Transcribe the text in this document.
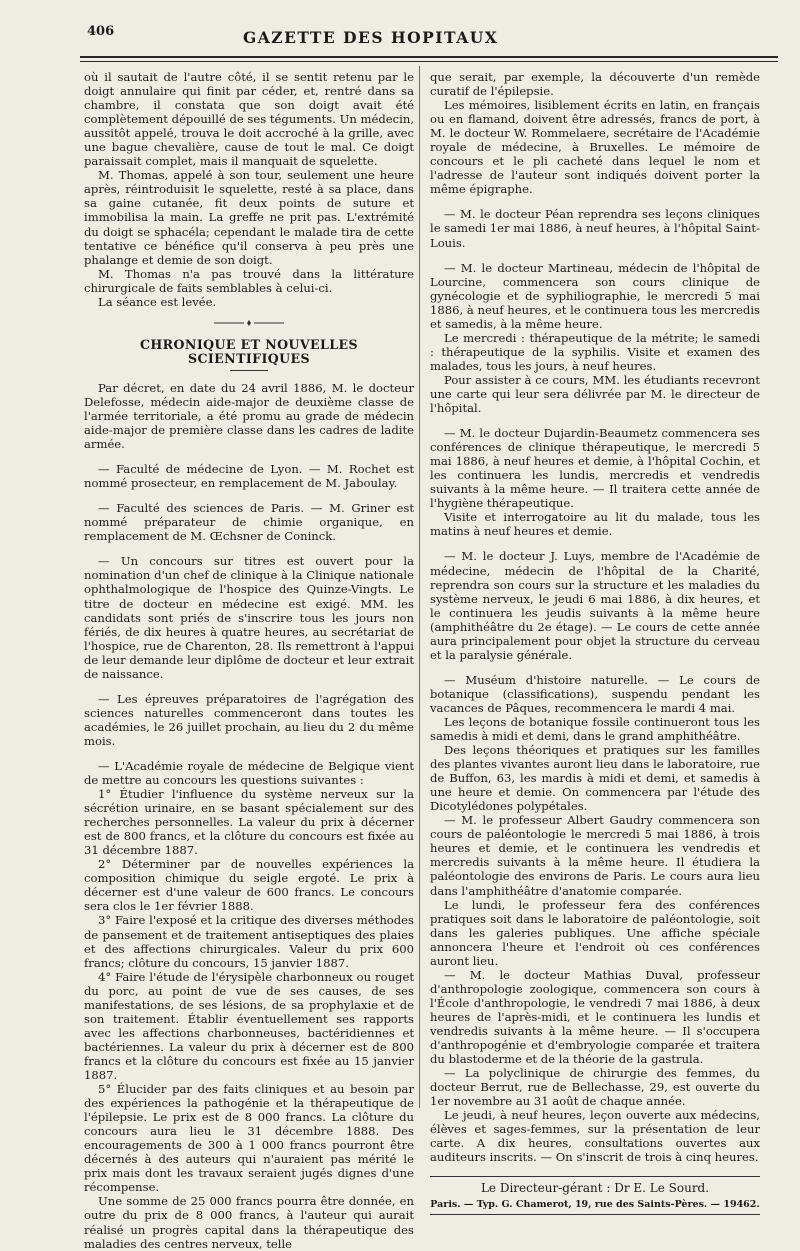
406	GAZETTE DES HOPITAUX

où il sautait de l'autre côté, il se sentit retenu par le doigt annulaire qui finit par céder, et, rentré dans sa chambre, il constata que son doigt avait été complètement dépouillé de ses téguments. Un médecin, aussitôt appelé, trouva le doit accroché à la grille, avec une bague chevalière, cause de tout le mal. Ce doigt paraissait complet, mais il manquait de squelette.

M. Thomas, appelé à son tour, seulement une heure après, réintroduisit le squelette, resté à sa place, dans sa gaine cutanée, fit deux points de suture et immobilisa la main. La greffe ne prit pas. L'extrémité du doigt se sphacéla; cependant le malade tira de cette tentative ce bénéfice qu'il conserva à peu près une phalange et demie de son doigt.

M. Thomas n'a pas trouvé dans la littérature chirurgicale de faits semblables à celui-ci.

La séance est levée.

CHRONIQUE ET NOUVELLES SCIENTIFIQUES

Par décret, en date du 24 avril 1886, M. le docteur Delefosse, médecin aide-major de deuxième classe de l'armée territoriale, a été promu au grade de médecin aide-major de première classe dans les cadres de ladite armée.

— Faculté de médecine de Lyon. — M. Rochet est nommé prosecteur, en remplacement de M. Jaboulay.

— Faculté des sciences de Paris. — M. Griner est nommé préparateur de chimie organique, en remplacement de M. Œchsner de Coninck.

— Un concours sur titres est ouvert pour la nomination d'un chef de clinique à la Clinique nationale ophthalmologique de l'hospice des Quinze-Vingts. Le titre de docteur en médecine est exigé. MM. les candidats sont priés de s'inscrire tous les jours non fériés, de dix heures à quatre heures, au secrétariat de l'hospice, rue de Charenton, 28. Ils remettront à l'appui de leur demande leur diplôme de docteur et leur extrait de naissance.

— Les épreuves préparatoires de l'agrégation des sciences naturelles commenceront dans toutes les académies, le 26 juillet prochain, au lieu du 2 du même mois.

— L'Académie royale de médecine de Belgique vient de mettre au concours les questions suivantes :

1° Étudier l'influence du système nerveux sur la sécrétion urinaire, en se basant spécialement sur des recherches personnelles. La valeur du prix à décerner est de 800 francs, et la clôture du concours est fixée au 31 décembre 1887.

2° Déterminer par de nouvelles expériences la composition chimique du seigle ergoté. Le prix à décerner est d'une valeur de 600 francs. Le concours sera clos le 1er février 1888.

3° Faire l'exposé et la critique des diverses méthodes de pansement et de traitement antiseptiques des plaies et des affections chirurgicales. Valeur du prix 600 francs; clôture du concours, 15 janvier 1887.

4° Faire l'étude de l'érysipèle charbonneux ou rouget du porc, au point de vue de ses causes, de ses manifestations, de ses lésions, de sa prophylaxie et de son traitement. Établir éventuellement ses rapports avec les affections charbonneuses, bactéridiennes et bactériennes. La valeur du prix à décerner est de 800 francs et la clôture du concours est fixée au 15 janvier 1887.

5° Élucider par des faits cliniques et au besoin par des expériences la pathogénie et la thérapeutique de l'épilepsie. Le prix est de 8 000 francs. La clôture du concours aura lieu le 31 décembre 1888. Des encouragements de 300 à 1 000 francs pourront être décernés à des auteurs qui n'auraient pas mérité le prix mais dont les travaux seraient jugés dignes d'une récompense.

Une somme de 25 000 francs pourra être donnée, en outre du prix de 8 000 francs, à l'auteur qui aurait réalisé un progrès capital dans la thérapeutique des maladies des centres nerveux, telle

que serait, par exemple, la découverte d'un remède curatif de l'épilepsie.

Les mémoires, lisiblement écrits en latin, en français ou en flamand, doivent être adressés, francs de port, à M. le docteur W. Rommelaere, secrétaire de l'Académie royale de médecine, à Bruxelles. Le mémoire de concours et le pli cacheté dans lequel le nom et l'adresse de l'auteur sont indiqués doivent porter la même épigraphe.

— M. le docteur Péan reprendra ses leçons cliniques le samedi 1er mai 1886, à neuf heures, à l'hôpital Saint-Louis.

— M. le docteur Martineau, médecin de l'hôpital de Lourcine, commencera son cours clinique de gynécologie et de syphiliographie, le mercredi 5 mai 1886, à neuf heures, et le continuera tous les mercredis et samedis, à la même heure.

Le mercredi : thérapeutique de la métrite; le samedi : thérapeutique de la syphilis. Visite et examen des malades, tous les jours, à neuf heures.

Pour assister à ce cours, MM. les étudiants recevront une carte qui leur sera délivrée par M. le directeur de l'hôpital.

— M. le docteur Dujardin-Beaumetz commencera ses conférences de clinique thérapeutique, le mercredi 5 mai 1886, à neuf heures et demie, à l'hôpital Cochin, et les continuera les lundis, mercredis et vendredis suivants à la même heure. — Il traitera cette année de l'hygiène thérapeutique.

Visite et interrogatoire au lit du malade, tous les matins à neuf heures et demie.

— M. le docteur J. Luys, membre de l'Académie de médecine, médecin de l'hôpital de la Charité, reprendra son cours sur la structure et les maladies du système nerveux, le jeudi 6 mai 1886, à dix heures, et le continuera les jeudis suivants à la même heure (amphithéâtre du 2e étage). — Le cours de cette année aura principalement pour objet la structure du cerveau et la paralysie générale.

— Muséum d'histoire naturelle. — Le cours de botanique (classifications), suspendu pendant les vacances de Pâques, recommencera le mardi 4 mai.

Les leçons de botanique fossile continueront tous les samedis à midi et demi, dans le grand amphithéâtre.

Des leçons théoriques et pratiques sur les familles des plantes vivantes auront lieu dans le laboratoire, rue de Buffon, 63, les mardis à midi et demi, et samedis à une heure et demie. On commencera par l'étude des Dicotylédones polypétales.

— M. le professeur Albert Gaudry commencera son cours de paléontologie le mercredi 5 mai 1886, à trois heures et demie, et le continuera les vendredis et mercredis suivants à la même heure. Il étudiera la paléontologie des environs de Paris. Le cours aura lieu dans l'amphithéâtre d'anatomie comparée.

Le lundi, le professeur fera des conférences pratiques soit dans le laboratoire de paléontologie, soit dans les galeries publiques. Une affiche spéciale annoncera l'heure et l'endroit où ces conférences auront lieu.

— M. le docteur Mathias Duval, professeur d'anthropologie zoologique, commencera son cours à l'École d'anthropologie, le vendredi 7 mai 1886, à deux heures de l'après-midi, et le continuera les lundis et vendredis suivants à la même heure. — Il s'occupera d'anthropogénie et d'embryologie comparée et traitera du blastoderme et de la théorie de la gastrula.

— La polyclinique de chirurgie des femmes, du docteur Berrut, rue de Bellechasse, 29, est ouverte du 1er novembre au 31 août de chaque année.

Le jeudi, à neuf heures, leçon ouverte aux médecins, élèves et sages-femmes, sur la présentation de leur carte. A dix heures, consultations ouvertes aux auditeurs inscrits. — On s'inscrit de trois à cinq heures.

Le Directeur-gérant : Dr E. Le Sourd.
Paris. — Typ. G. Chamerot, 19, rue des Saints-Pères. — 19462.
